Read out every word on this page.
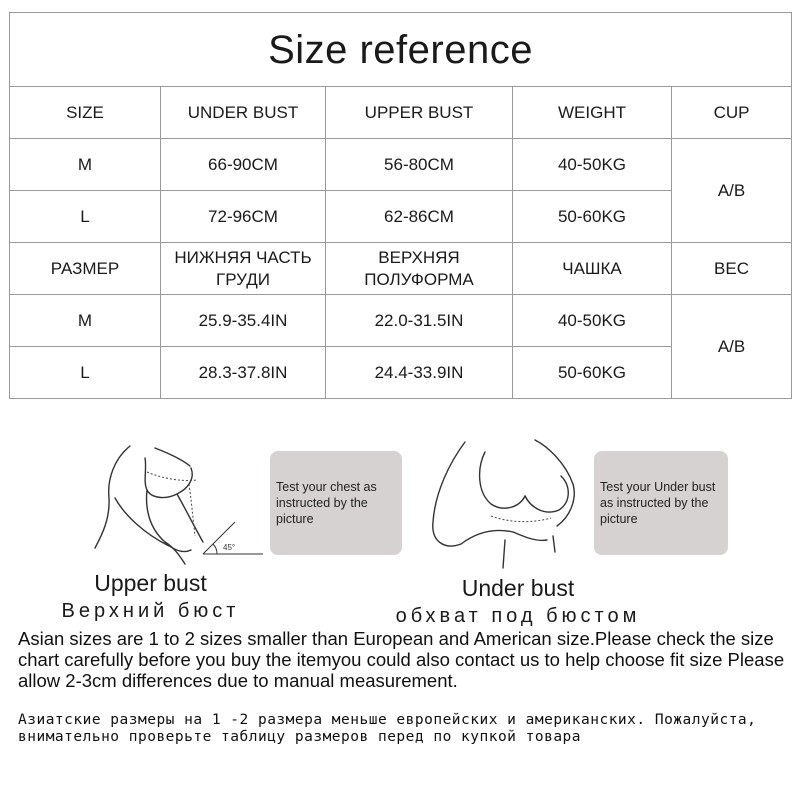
Size reference				
SIZE	UNDER BUST	UPPER BUST	WEIGHT	CUP
M	66-90CM	56-80CM	40-50KG	A/B
L	72-96CM	62-86CM	50-60KG	
РАЗМЕР	НИЖНЯЯ ЧАСТЬ ГРУДИ	ВЕРХНЯЯ ПОЛУФОРМА	ЧАШКА	ВЕС
M	25.9-35.4IN	22.0-31.5IN	40-50KG	A/B
L	28.3-37.8IN	24.4-33.9IN	50-60KG	
45°
Test your chest as instructed by the picture
Upper bust
Верхний бюст
Test your Under bust as instructed by the picture
Under bust
обхват под бюстом
Asian sizes are 1 to 2 sizes smaller than European and American size.Please check the size chart carefully before you buy the itemyou could also contact us to help choose fit size Please allow 2-3cm differences due to manual measurement.
Азиатские размеры на 1 -2 размера меньше европейских и американских. Пожалуйста, внимательно проверьте таблицу размеров перед по купкой товара
